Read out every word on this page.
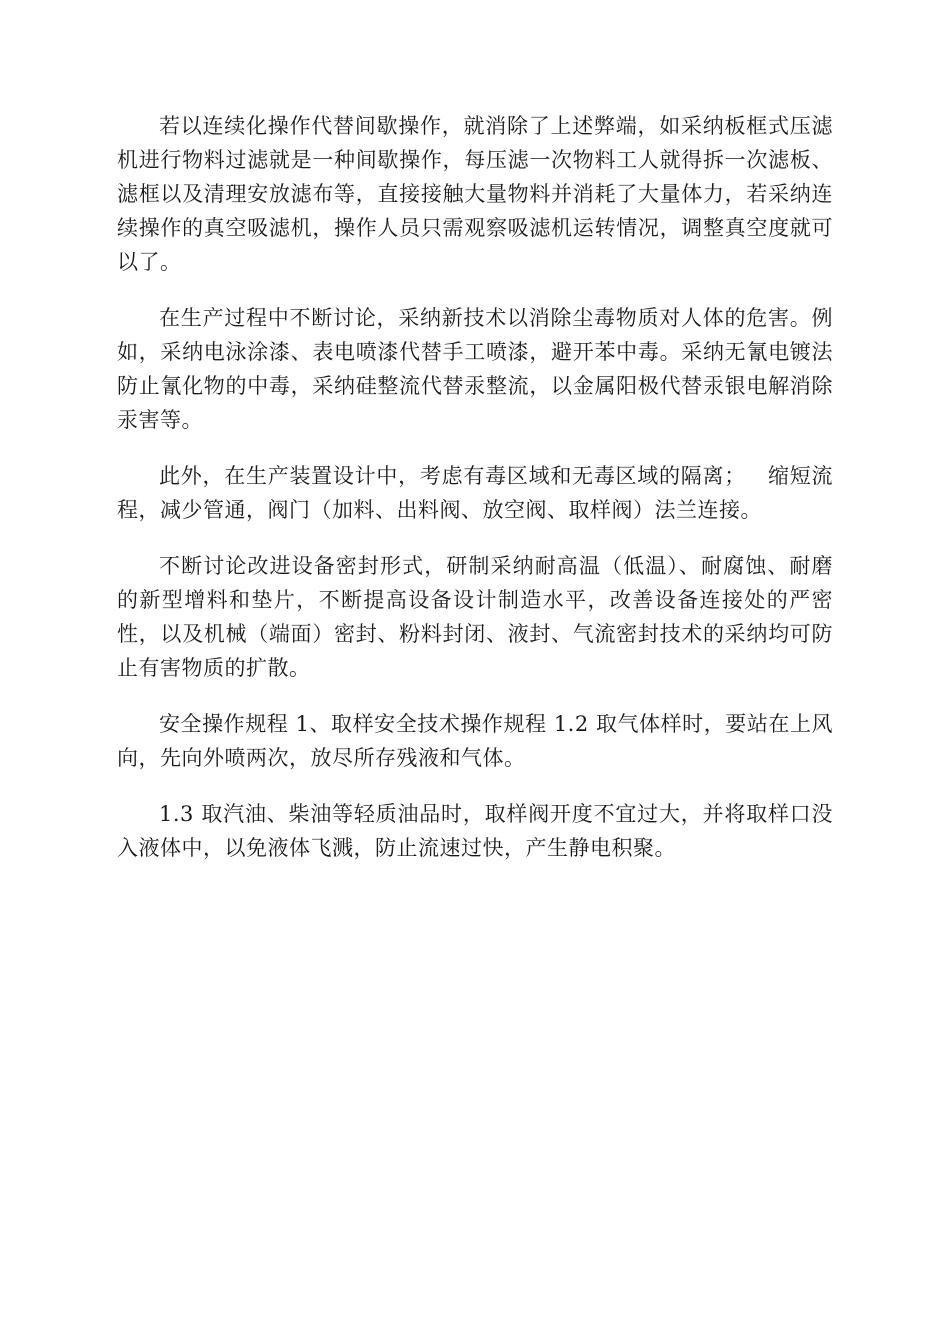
若以连续化操作代替间歇操作，就消除了上述弊端，如采纳板框式压滤机进行物料过滤就是一种间歇操作，每压滤一次物料工人就得拆一次滤板、滤框以及清理安放滤布等，直接接触大量物料并消耗了大量体力，若采纳连续操作的真空吸滤机，操作人员只需观察吸滤机运转情况，调整真空度就可以了。

在生产过程中不断讨论，采纳新技术以消除尘毒物质对人体的危害。例如，采纳电泳涂漆、表电喷漆代替手工喷漆，避开苯中毒。采纳无氰电镀法防止氰化物的中毒，采纳硅整流代替汞整流，以金属阳极代替汞银电解消除汞害等。

此外，在生产装置设计中，考虑有毒区域和无毒区域的隔离；   缩短流程，减少管通，阀门（加料、出料阀、放空阀、取样阀）法兰连接。

不断讨论改进设备密封形式，研制采纳耐高温（低温）、耐腐蚀、耐磨的新型增料和垫片，不断提高设备设计制造水平，改善设备连接处的严密性，以及机械（端面）密封、粉料封闭、液封、气流密封技术的采纳均可防止有害物质的扩散。

安全操作规程 1、取样安全技术操作规程 1.2 取气体样时，要站在上风向，先向外喷两次，放尽所存残液和气体。

1.3 取汽油、柴油等轻质油品时，取样阀开度不宜过大，并将取样口没入液体中，以免液体飞溅，防止流速过快，产生静电积聚。
